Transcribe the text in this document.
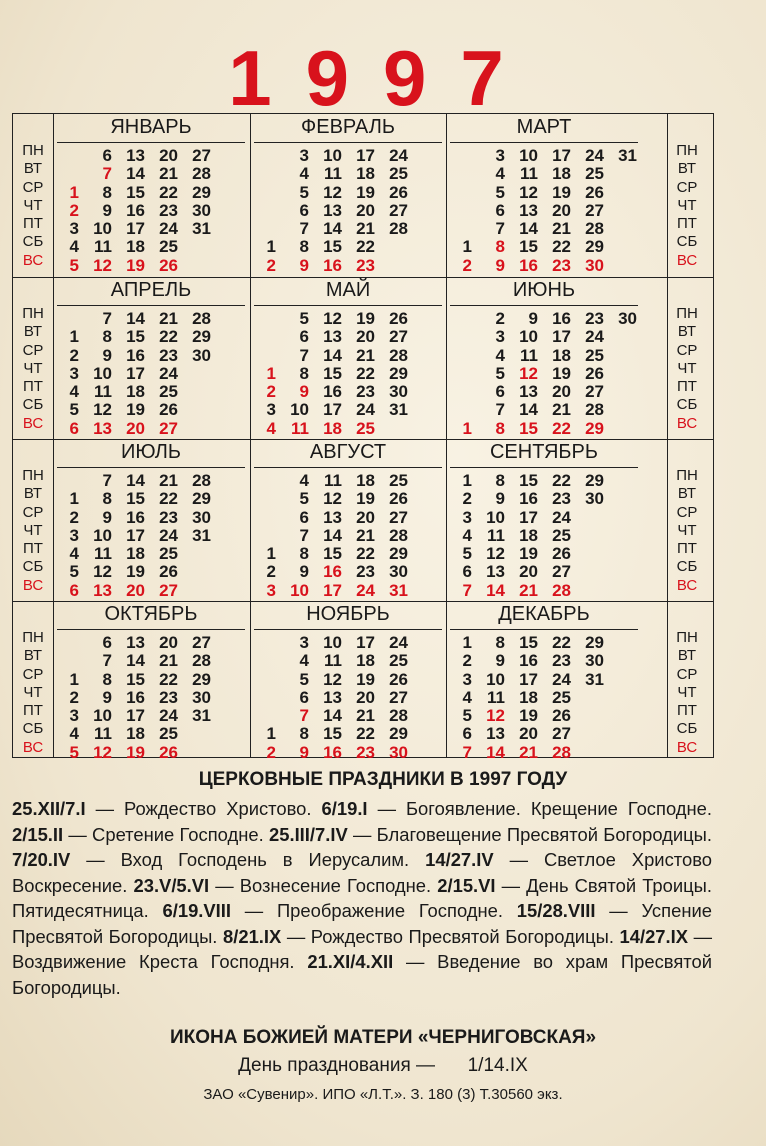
1997
ПН
ВТ
СР
ЧТ
ПТ
СБ
ВС
ПН
ВТ
СР
ЧТ
ПТ
СБ
ВС
ЯНВАРЬ
6 13 20 27
7 14 21 28
1 8 15 22 29
2 9 16 23 30
3 10 17 24 31
4 11 18 25
5 12 19 26
ФЕВРАЛЬ
3 10 17 24
4 11 18 25
5 12 19 26
6 13 20 27
7 14 21 28
1 8 15 22
2 9 16 23
МАРТ
3 10 17 24 31
4 11 18 25
5 12 19 26
6 13 20 27
7 14 21 28
1 8 15 22 29
2 9 16 23 30
ПН
ВТ
СР
ЧТ
ПТ
СБ
ВС
ПН
ВТ
СР
ЧТ
ПТ
СБ
ВС
АПРЕЛЬ
7 14 21 28
1 8 15 22 29
2 9 16 23 30
3 10 17 24
4 11 18 25
5 12 19 26
6 13 20 27
МАЙ
5 12 19 26
6 13 20 27
7 14 21 28
1 8 15 22 29
2 9 16 23 30
3 10 17 24 31
4 11 18 25
ИЮНЬ
2 9 16 23 30
3 10 17 24
4 11 18 25
5 12 19 26
6 13 20 27
7 14 21 28
1 8 15 22 29
ПН
ВТ
СР
ЧТ
ПТ
СБ
ВС
ПН
ВТ
СР
ЧТ
ПТ
СБ
ВС
ИЮЛЬ
7 14 21 28
1 8 15 22 29
2 9 16 23 30
3 10 17 24 31
4 11 18 25
5 12 19 26
6 13 20 27
АВГУСТ
4 11 18 25
5 12 19 26
6 13 20 27
7 14 21 28
1 8 15 22 29
2 9 16 23 30
3 10 17 24 31
СЕНТЯБРЬ
1 8 15 22 29
2 9 16 23 30
3 10 17 24
4 11 18 25
5 12 19 26
6 13 20 27
7 14 21 28
ПН
ВТ
СР
ЧТ
ПТ
СБ
ВС
ПН
ВТ
СР
ЧТ
ПТ
СБ
ВС
ОКТЯБРЬ
6 13 20 27
7 14 21 28
1 8 15 22 29
2 9 16 23 30
3 10 17 24 31
4 11 18 25
5 12 19 26
НОЯБРЬ
3 10 17 24
4 11 18 25
5 12 19 26
6 13 20 27
7 14 21 28
1 8 15 22 29
2 9 16 23 30
ДЕКАБРЬ
1 8 15 22 29
2 9 16 23 30
3 10 17 24 31
4 11 18 25
5 12 19 26
6 13 20 27
7 14 21 28
ЦЕРКОВНЫЕ ПРАЗДНИКИ В 1997 ГОДУ
25.XII/7.I — Рождество Христово. 6/19.I — Богоявление. Крещение Господне. 2/15.II — Сретение Господне. 25.III/7.IV — Благовещение Пресвятой Богородицы. 7/20.IV — Вход Господень в Иерусалим. 14/27.IV — Светлое Христово Воскресение. 23.V/5.VI — Вознесение Господне. 2/15.VI — День Святой Троицы. Пятидесятница. 6/19.VIII — Преображение Господне. 15/28.VIII — Успение Пресвятой Богородицы. 8/21.IX — Рождество Пресвятой Богородицы. 14/27.IX — Воздвижение Креста Господня. 21.XI/4.XII — Введение во храм Пресвятой Богородицы.
ИКОНА БОЖИЕЙ МАТЕРИ «ЧЕРНИГОВСКАЯ»
День празднования — 1/14.IX
ЗАО «Сувенир». ИПО «Л.Т.». З. 180 (3) Т.30560 экз.
